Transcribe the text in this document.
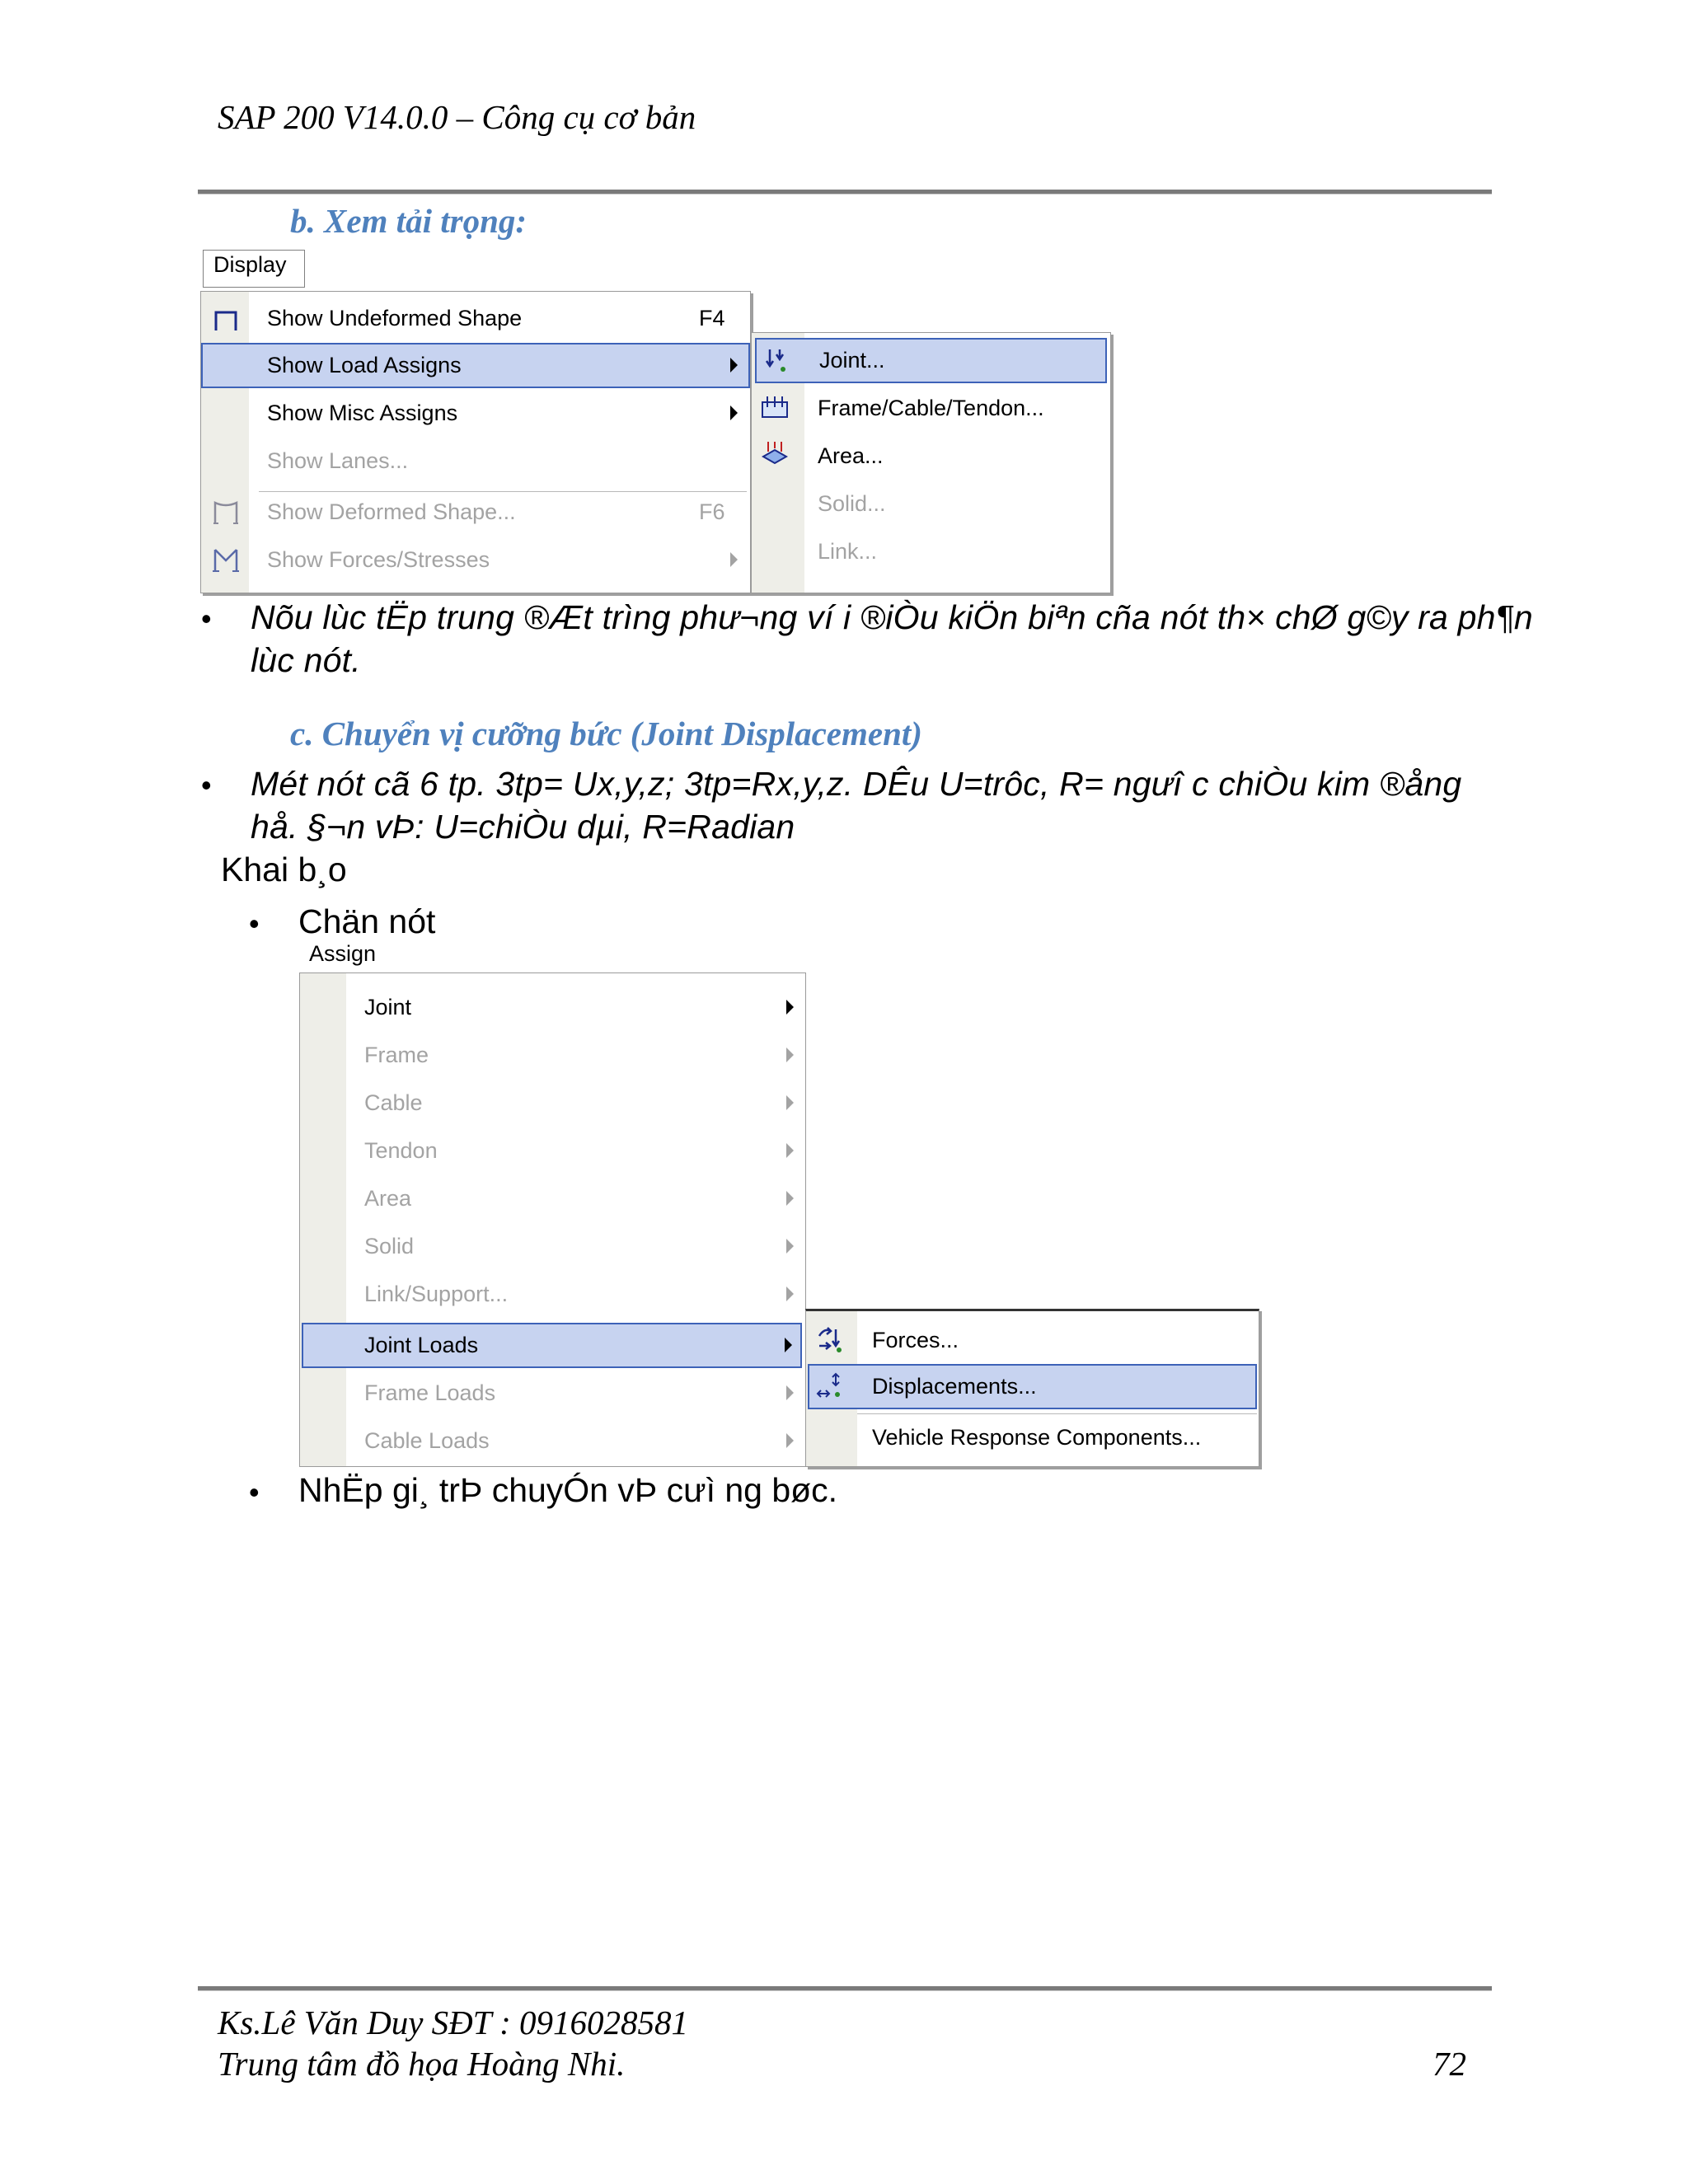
SAP 200 V14.0.0 – Công cụ cơ bản
b. Xem tải trọng:
Display
Show Undeformed Shape	F4
Show Load Assigns
Show Misc Assigns
Show Lanes...
Show Deformed Shape...	F6
Show Forces/Stresses
Joint...
Frame/Cable/Tendon...
Area...
Solid...
Link...
• Nõu lùc tËp trung ®Æt trìng phư¬ng ví i ®iÒu kiÖn biªn cña nót th× chØ g©y ra ph¶n
lùc nót.
c. Chuyển vị cưỡng bức (Joint Displacement)
• Mét nót cã 6 tp. 3tp= Ux,y,z; 3tp=Rx,y,z. DÊu U=trôc, R= ngưî c chiÒu kim ®ång
hå. §¬n vÞ: U=chiÒu dµi, R=Radian
Khai b¸o
• Chän nót
Assign
Joint
Frame
Cable
Tendon
Area
Solid
Link/Support...
Joint Loads
Frame Loads
Cable Loads
Forces...
Displacements...
Vehicle Response Components...
• NhËp gi¸ trÞ chuyÓn vÞ cưì ng bøc.
Ks.Lê Văn Duy SĐT : 0916028581
Trung tâm đồ họa Hoàng Nhi.	72
